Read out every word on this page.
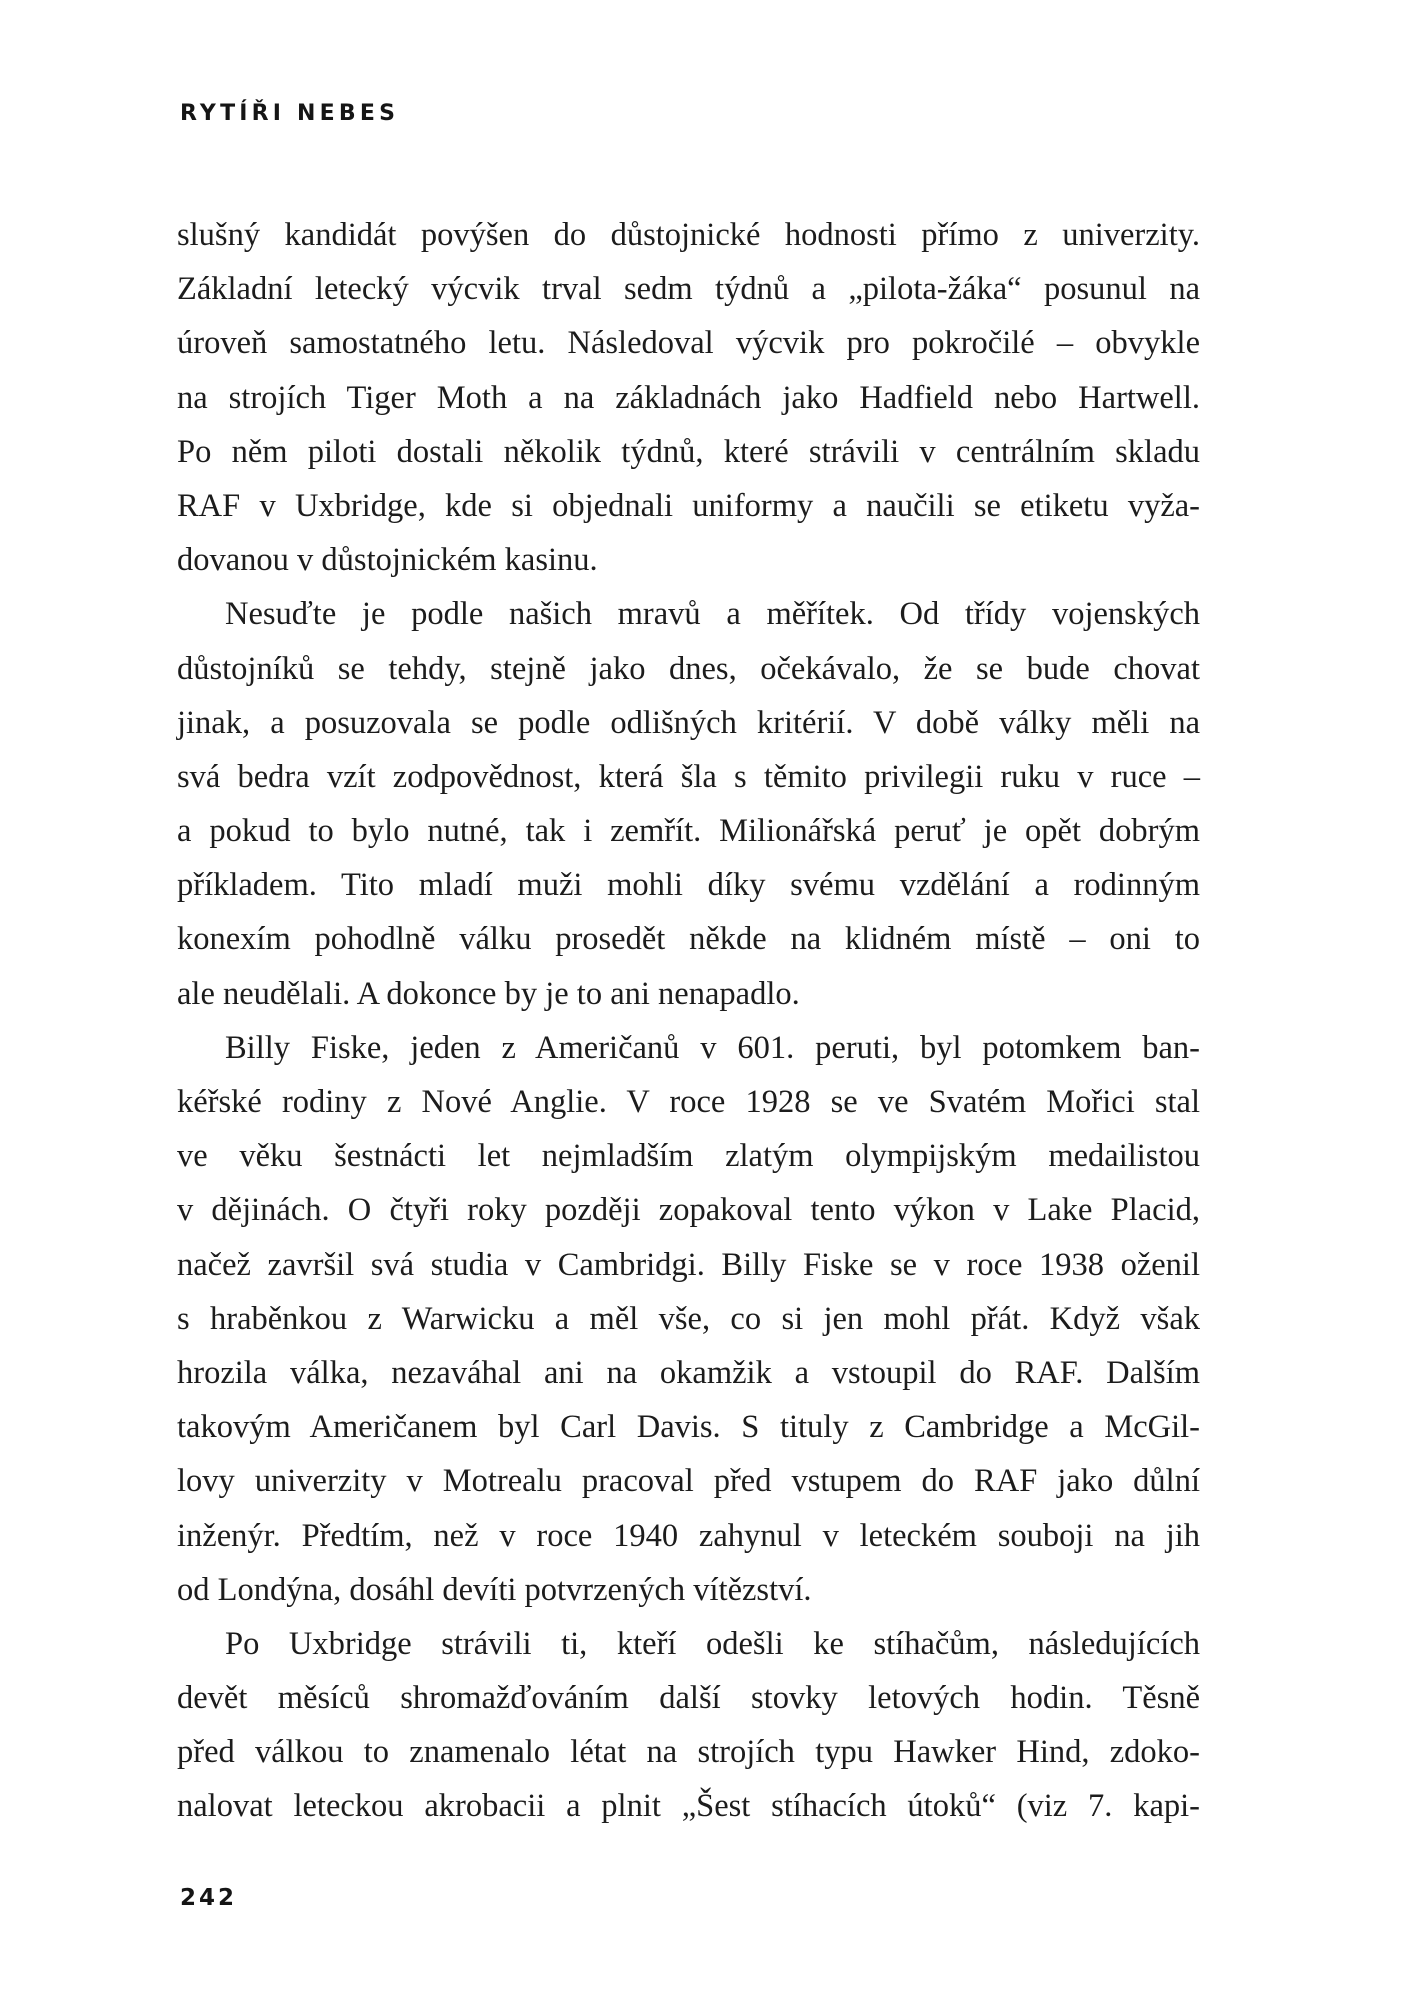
RYTÍŘI NEBES
slušný kandidát povýšen do důstojnické hodnosti přímo z univerzity.
Základní letecký výcvik trval sedm týdnů a „pilota-žáka“ posunul na
úroveň samostatného letu. Následoval výcvik pro pokročilé – obvykle
na strojích Tiger Moth a na základnách jako Hadfield nebo Hartwell.
Po něm piloti dostali několik týdnů, které strávili v centrálním skladu
RAF v Uxbridge, kde si objednali uniformy a naučili se etiketu vyža-
dovanou v důstojnickém kasinu.
Nesuďte je podle našich mravů a měřítek. Od třídy vojenských
důstojníků se tehdy, stejně jako dnes, očekávalo, že se bude chovat
jinak, a posuzovala se podle odlišných kritérií. V době války měli na
svá bedra vzít zodpovědnost, která šla s těmito privilegii ruku v ruce –
a pokud to bylo nutné, tak i zemřít. Milionářská peruť je opět dobrým
příkladem. Tito mladí muži mohli díky svému vzdělání a rodinným
konexím pohodlně válku prosedět někde na klidném místě – oni to
ale neudělali. A dokonce by je to ani nenapadlo.
Billy Fiske, jeden z Američanů v 601. peruti, byl potomkem ban-
kéřské rodiny z Nové Anglie. V roce 1928 se ve Svatém Mořici stal
ve věku šestnácti let nejmladším zlatým olympijským medailistou
v dějinách. O čtyři roky později zopakoval tento výkon v Lake Placid,
načež završil svá studia v Cambridgi. Billy Fiske se v roce 1938 oženil
s hraběnkou z Warwicku a měl vše, co si jen mohl přát. Když však
hrozila válka, nezaváhal ani na okamžik a vstoupil do RAF. Dalším
takovým Američanem byl Carl Davis. S tituly z Cambridge a McGil-
lovy univerzity v Motrealu pracoval před vstupem do RAF jako důlní
inženýr. Předtím, než v roce 1940 zahynul v leteckém souboji na jih
od Londýna, dosáhl devíti potvrzených vítězství.
Po Uxbridge strávili ti, kteří odešli ke stíhačům, následujících
devět měsíců shromažďováním další stovky letových hodin. Těsně
před válkou to znamenalo létat na strojích typu Hawker Hind, zdoko-
nalovat leteckou akrobacii a plnit „Šest stíhacích útoků“ (viz 7. kapi-
242
